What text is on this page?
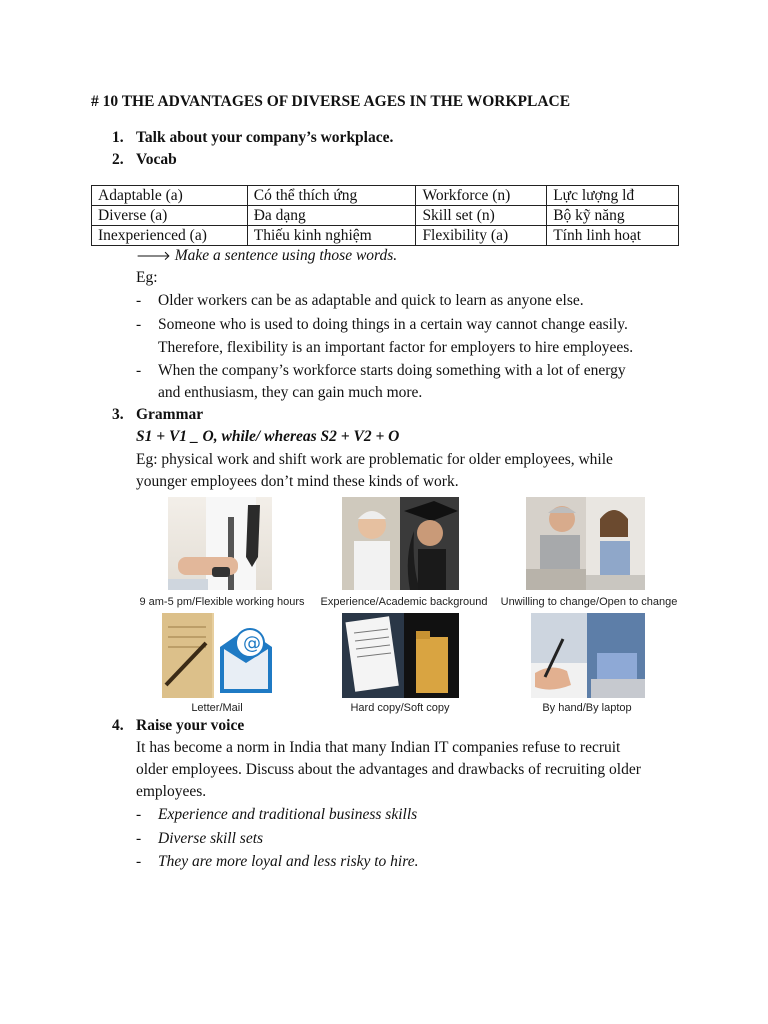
# 10 THE ADVANTAGES OF DIVERSE AGES IN THE WORKPLACE
1. Talk about your company’s workplace.
2. Vocab
Adaptable (a)	Có thể thích ứng	Workforce (n)	Lực lượng lđ
Diverse (a)	Đa dạng	Skill set (n)	Bộ kỹ năng
Inexperienced (a)	Thiếu kinh nghiệm	Flexibility (a)	Tính linh hoạt
🡒 Make a sentence using those words.
Eg:
- Older workers can be as adaptable and quick to learn as anyone else.
- Someone who is used to doing things in a certain way cannot change easily.
Therefore, flexibility is an important factor for employers to hire employees.
- When the company’s workforce starts doing something with a lot of energy
and enthusiasm, they can gain much more.
3. Grammar
S1 + V1 _ O, while/ whereas S2 + V2 + O
Eg: physical work and shift work are problematic for older employees, while
younger employees don’t mind these kinds of work.
9 am-5 pm/Flexible working hours	Experience/Academic background	Unwilling to change/Open to change
@
Letter/Mail	Hard copy/Soft copy	By hand/By laptop
4. Raise your voice
It has become a norm in India that many Indian IT companies refuse to recruit
older employees. Discuss about the advantages and drawbacks of recruiting older
employees.
- Experience and traditional business skills
- Diverse skill sets
- They are more loyal and less risky to hire.
